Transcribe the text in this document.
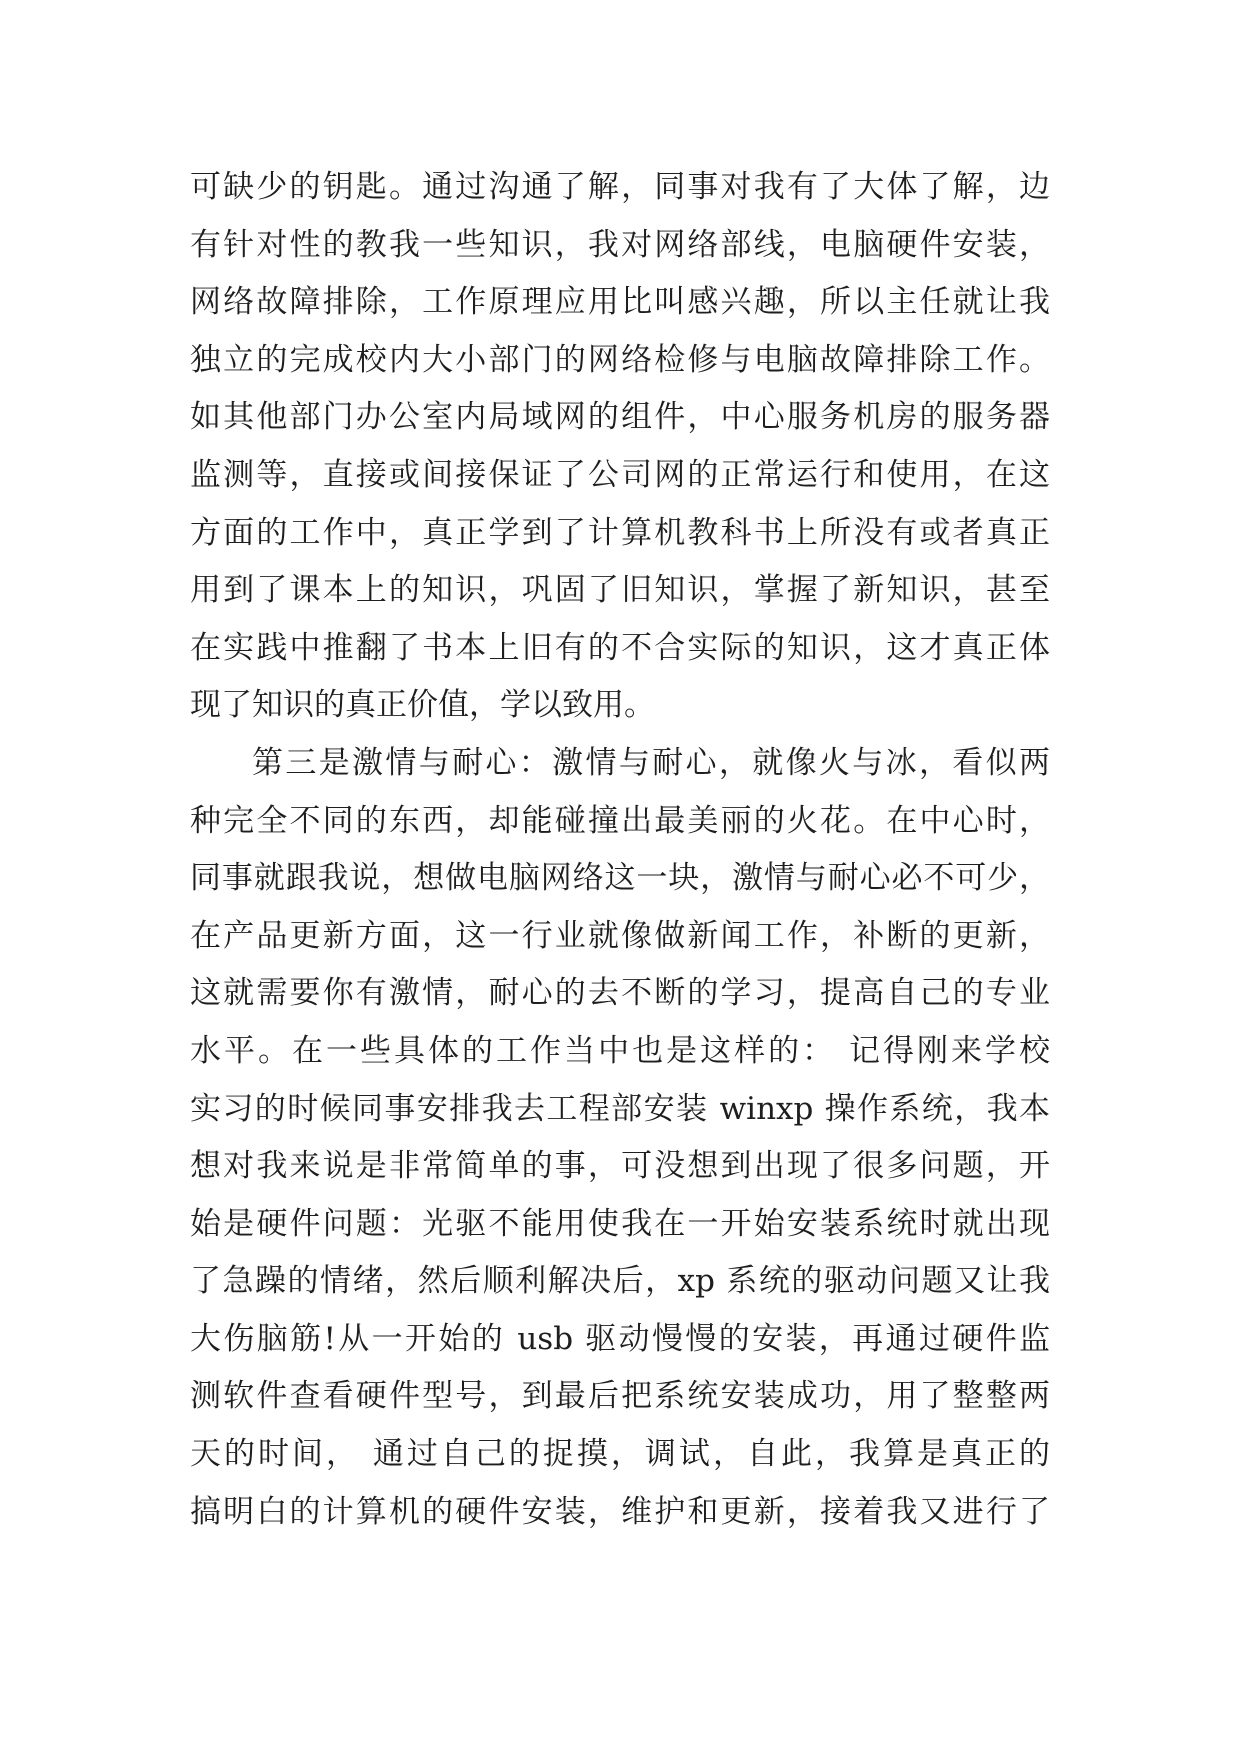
可缺少的钥匙。通过沟通了解，同事对我有了大体了解，边
有针对性的教我一些知识，我对网络部线，电脑硬件安装，
网络故障排除，工作原理应用比叫感兴趣，所以主任就让我
独立的完成校内大小部门的网络检修与电脑故障排除工作。
如其他部门办公室内局域网的组件，中心服务机房的服务器
监测等，直接或间接保证了公司网的正常运行和使用，在这
方面的工作中，真正学到了计算机教科书上所没有或者真正
用到了课本上的知识，巩固了旧知识，掌握了新知识，甚至
在实践中推翻了书本上旧有的不合实际的知识，这才真正体
现了知识的真正价值，学以致用。
第三是激情与耐心：激情与耐心，就像火与冰，看似两
种完全不同的东西，却能碰撞出最美丽的火花。在中心时，
同事就跟我说，想做电脑网络这一块，激情与耐心必不可少，
在产品更新方面，这一行业就像做新闻工作，补断的更新，
这就需要你有激情，耐心的去不断的学习，提高自己的专业
水平。在一些具体的工作当中也是这样的： 记得刚来学校
实习的时候同事安排我去工程部安装 winxp 操作系统，我本
想对我来说是非常简单的事，可没想到出现了很多问题，开
始是硬件问题：光驱不能用使我在一开始安装系统时就出现
了急躁的情绪，然后顺利解决后，xp 系统的驱动问题又让我
大伤脑筋!从一开始的 usb 驱动慢慢的安装，再通过硬件监
测软件查看硬件型号，到最后把系统安装成功，用了整整两
天的时间， 通过自己的捉摸，调试，自此，我算是真正的
搞明白的计算机的硬件安装，维护和更新，接着我又进行了
